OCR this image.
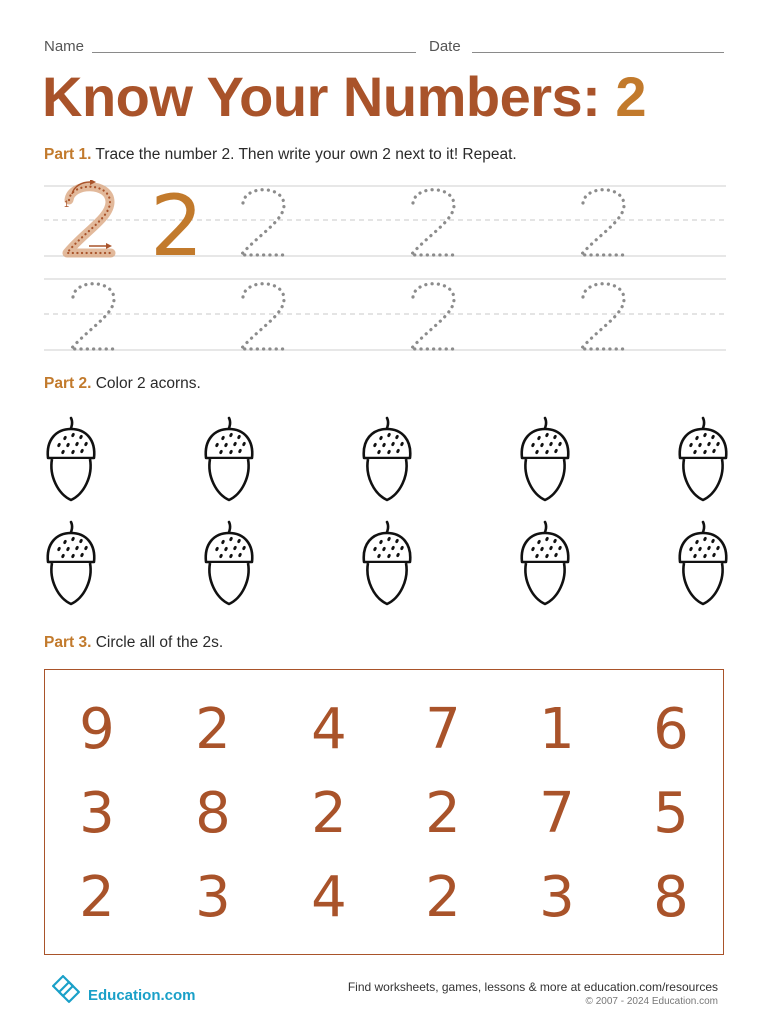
Name	Date
Know Your Numbers: 2
Part 1. Trace the number 2. Then write your own 2 next to it! Repeat.
1 2
Part 2. Color 2 acorns.
Part 3. Circle all of the 2s.
9 2 4 7 1 6
3 8 2 2 7 5
2 3 4 2 3 8
Education.com	Find worksheets, games, lessons & more at education.com/resources
© 2007 - 2024 Education.com
